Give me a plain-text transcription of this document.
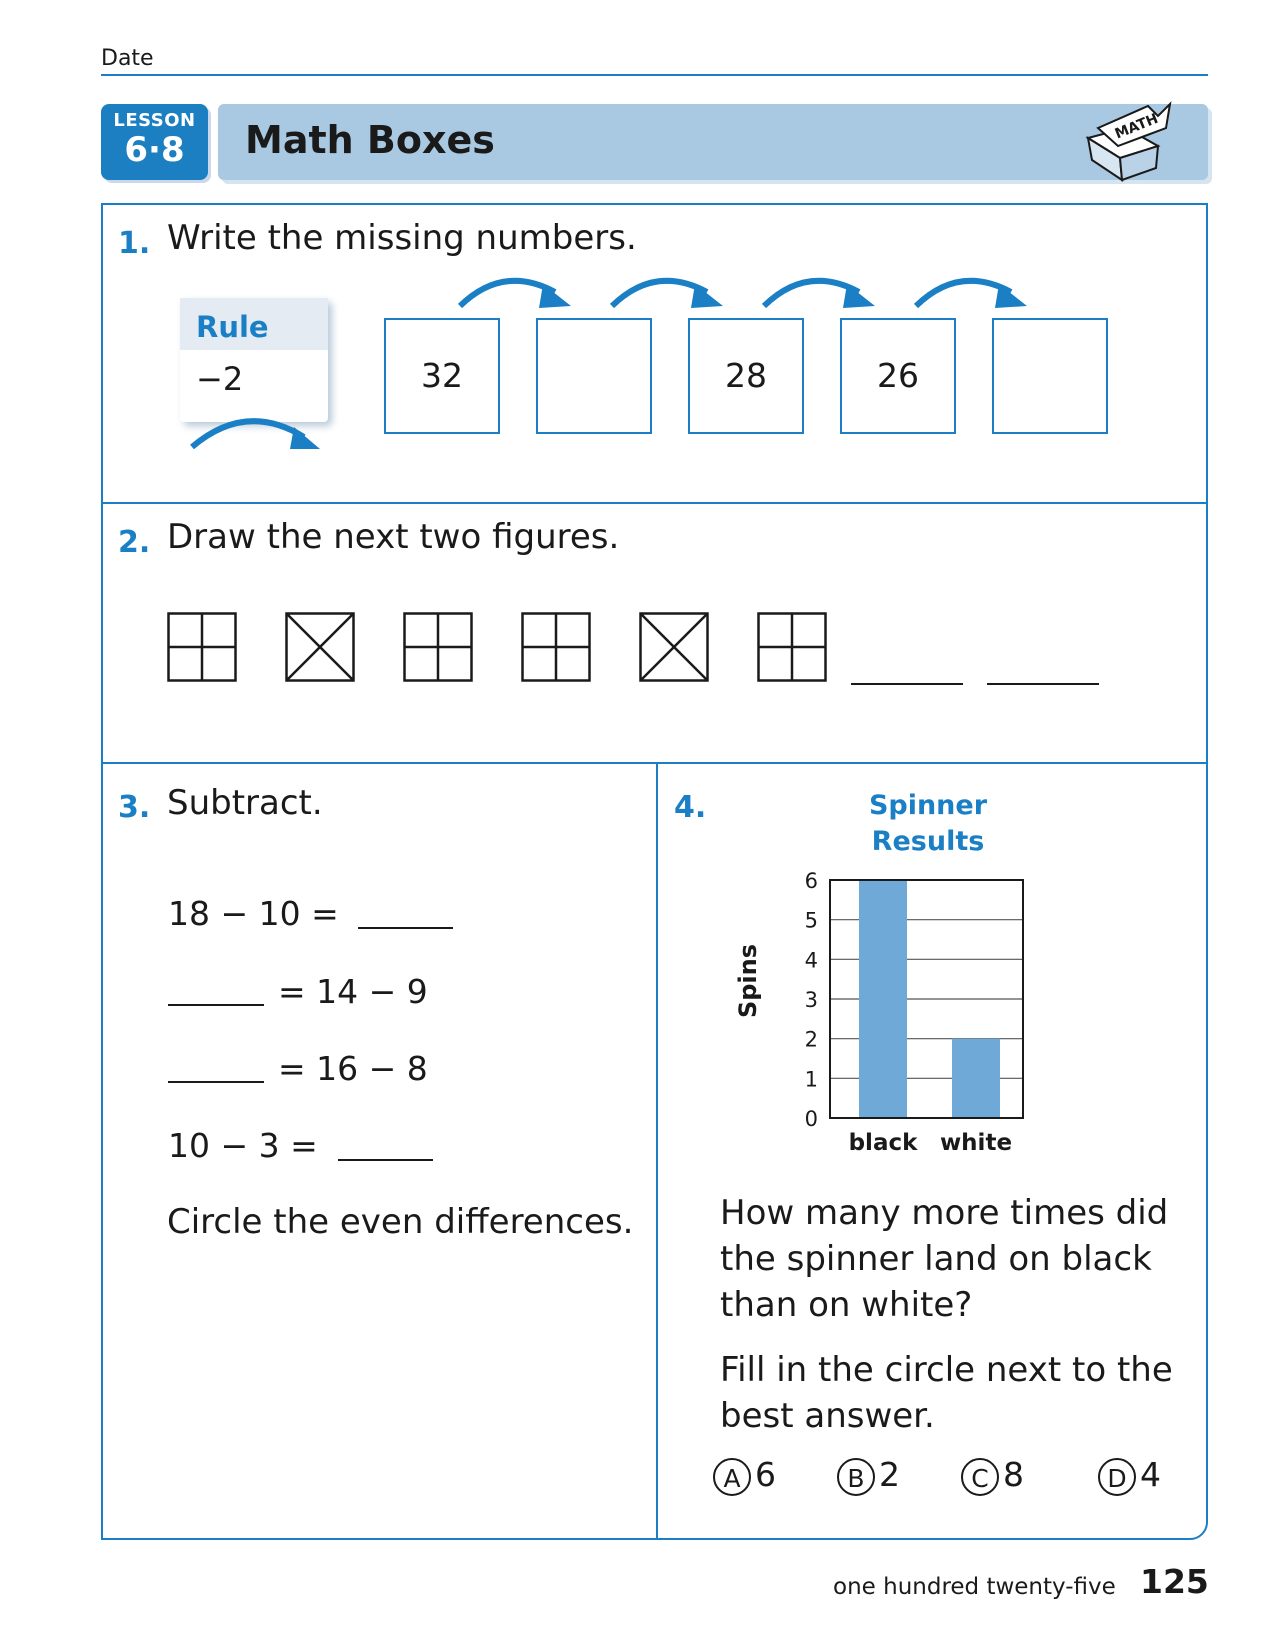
Date
LESSON
6·8	Math Boxes	MATH
1. Write the missing numbers.
Rule
−2	32	28	26
2. Draw the next two figures.
3. Subtract.
18 − 10 =
= 14 − 9
= 16 − 8
10 − 3 =
Circle the even differences.
4.	Spinner
Results
0
1
2
3
4
5
6
black white
Spins
How many more times did
the spinner land on black
than on white?
Fill in the circle next to the
best answer.
A 6	B 2	C 8	D 4
one hundred twenty-five 125
